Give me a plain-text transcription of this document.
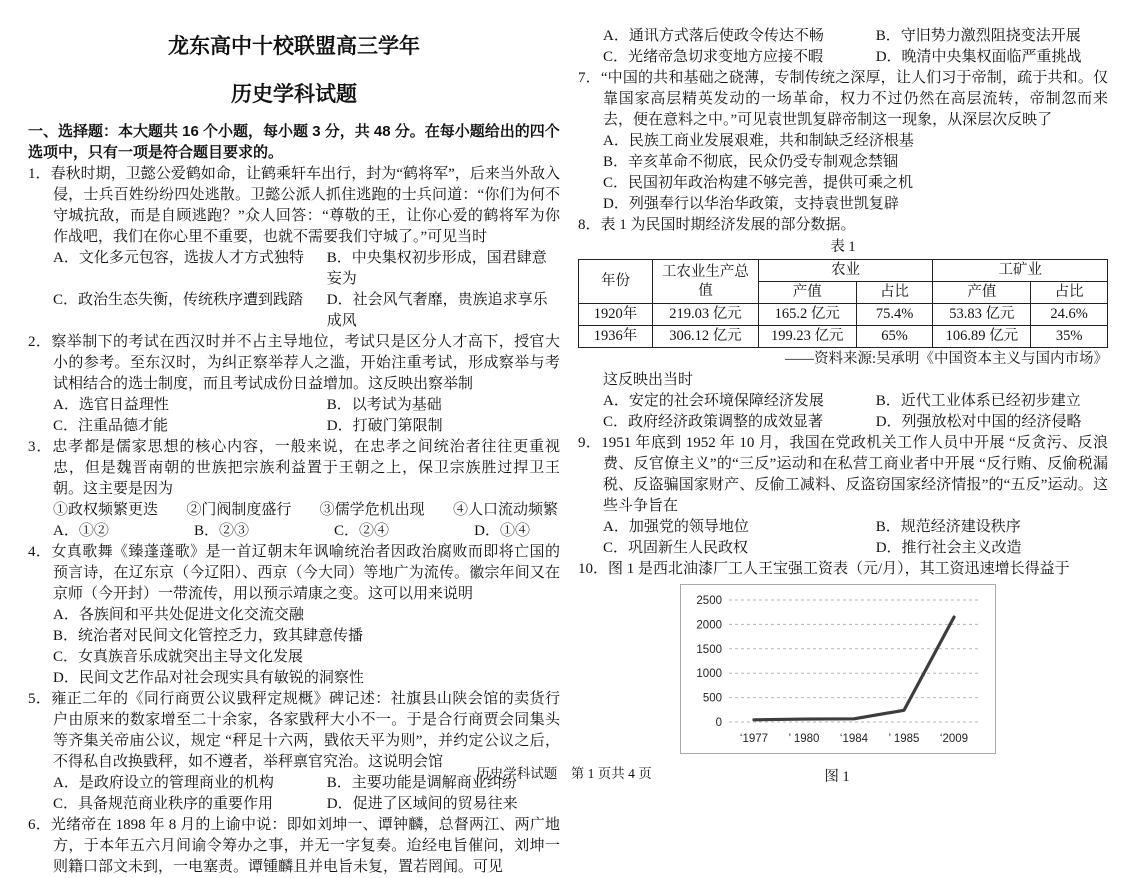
龙东高中十校联盟高三学年
历史学科试题

一、选择题：本大题共 16 个小题，每小题 3 分，共 48 分。在每小题给出的四个选项中，只有一项是符合题目要求的。

1．春秋时期，卫懿公爱鹤如命，让鹤乘轩车出行，封为“鹤将军”，后来当外敌入侵，士兵百姓纷纷四处逃散。卫懿公派人抓住逃跑的士兵问道：“你们为何不守城抗敌，而是自顾逃跑？”众人回答：“尊敬的王，让你心爱的鹤将军为你作战吧，我们在你心里不重要，也就不需要我们守城了。”可见当时

A．文化多元包容，选拔人才方式独特	B．中央集权初步形成，国君肆意妄为
C．政治生态失衡，传统秩序遭到践踏	D．社会风气奢靡，贵族追求享乐成风

2．察举制下的考试在西汉时并不占主导地位，考试只是区分人才高下，授官大小的参考。至东汉时，为纠正察举荐人之滥，开始注重考试，形成察举与考试相结合的选士制度，而且考试成份日益增加。这反映出察举制

A．选官日益理性	B．以考试为基础
C．注重品德才能	D．打破门第限制

3．忠孝都是儒家思想的核心内容，一般来说，在忠孝之间统治者往往更重视忠，但是魏晋南朝的世族把宗族利益置于王朝之上，保卫宗族胜过捍卫王朝。这主要是因为

①政权频繁更迭 ②门阀制度盛行 ③儒学危机出现 ④人口流动频繁
A．①②	B．②③	C．②④	D．①④

4．女真歌舞《臻蓬蓬歌》是一首辽朝末年讽喻统治者因政治腐败而即将亡国的预言诗，在辽东京（今辽阳）、西京（今大同）等地广为流传。徽宗年间又在京师（今开封）一带流传，用以预示靖康之变。这可以用来说明

A．各族间和平共处促进文化交流交融
B．统治者对民间文化管控乏力，致其肆意传播
C．女真族音乐成就突出主导文化发展
D．民间文艺作品对社会现实具有敏锐的洞察性

5．雍正二年的《同行商贾公议戥秤定规概》碑记述：社旗县山陕会馆的卖货行户由原来的数家增至二十余家，各家戥秤大小不一。于是合行商贾会同集头等齐集关帝庙公议，规定 “秤足十六两，戥依天平为则”，并约定公议之后，不得私自改换戥秤，如不遵者，举秤禀官究治。这说明会馆

A．是政府设立的管理商业的机构	B．主要功能是调解商业纠纷
C．具备规范商业秩序的重要作用	D．促进了区域间的贸易往来

6．光绪帝在 1898 年 8 月的上谕中说：即如刘坤一、谭钟麟，总督两江、两广地方，于本年五六月间谕令筹办之事，并无一字复奏。迨经电旨催问，刘坤一则籍口部文未到，一电塞责。谭锺麟且并电旨未复，置若罔闻。可见

A．通讯方式落后使政令传达不畅	B．守旧势力激烈阻挠变法开展
C．光绪帝急切求变地方应接不暇	D．晚清中央集权面临严重挑战

7．“中国的共和基础之硗薄，专制传统之深厚，让人们习于帝制，疏于共和。仅靠国家高层精英发动的一场革命，权力不过仍然在高层流转，帝制忽而来去，便在意料之中。”可见袁世凯复辟帝制这一现象，从深层次反映了

A．民族工商业发展艰难，共和制缺乏经济根基
B．辛亥革命不彻底，民众仍受专制观念禁锢
C．民国初年政治构建不够完善，提供可乘之机
D．列强奉行以华治华政策，支持袁世凯复辟

8．表 1 为民国时期经济发展的部分数据。

表 1

年份	工农业生产总值	农业		工矿业	
		产值	占比	产值	占比
1920年	219.03 亿元	165.2 亿元	75.4%	53.83 亿元	24.6%
1936年	306.12 亿元	199.23 亿元	65%	106.89 亿元	35%

——资料来源:吴承明《中国资本主义与国内市场》

这反映出当时

A．安定的社会环境保障经济发展	B．近代工业体系已经初步建立
C．政府经济政策调整的成效显著	D．列强放松对中国的经济侵略

9．1951 年底到 1952 年 10 月，我国在党政机关工作人员中开展 “反贪污、反浪费、反官僚主义”的“三反”运动和在私营工商业者中开展 “反行贿、反偷税漏税、反盗骗国家财产、反偷工减料、反盗窃国家经济情报”的“五反”运动。这些斗争旨在

A．加强党的领导地位	B．规范经济建设秩序
C．巩固新生人民政权	D．推行社会主义改造

10．图 1 是西北油漆厂工人王宝强工资表（元/月），其工资迅速增长得益于

0
500
1000
1500
2000
2500
‘1977 ’ 1980 ‘1984 ’ 1985 ‘2009
图 1
历史学科试题　第 1 页共 4 页
